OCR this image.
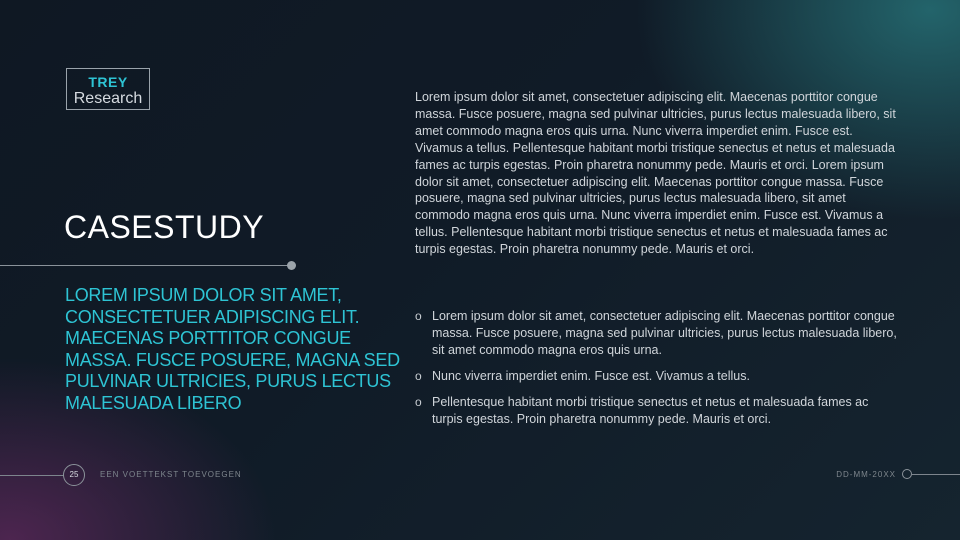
TREY
Research
CASESTUDY
LOREM IPSUM DOLOR SIT AMET, CONSECTETUER ADIPISCING ELIT. MAECENAS PORTTITOR CONGUE MASSA. FUSCE POSUERE, MAGNA SED PULVINAR ULTRICIES, PURUS LECTUS MALESUADA LIBERO
Lorem ipsum dolor sit amet, consectetuer adipiscing elit. Maecenas porttitor congue massa. Fusce posuere, magna sed pulvinar ultricies, purus lectus malesuada libero, sit amet commodo magna eros quis urna. Nunc viverra imperdiet enim. Fusce est. Vivamus a tellus. Pellentesque habitant morbi tristique senectus et netus et malesuada fames ac turpis egestas. Proin pharetra nonummy pede. Mauris et orci. Lorem ipsum dolor sit amet, consectetuer adipiscing elit. Maecenas porttitor congue massa. Fusce posuere, magna sed pulvinar ultricies, purus lectus malesuada libero, sit amet commodo magna eros quis urna. Nunc viverra imperdiet enim. Fusce est. Vivamus a tellus. Pellentesque habitant morbi tristique senectus et netus et malesuada fames ac turpis egestas. Proin pharetra nonummy pede. Mauris et orci.
o Lorem ipsum dolor sit amet, consectetuer adipiscing elit. Maecenas porttitor congue massa. Fusce posuere, magna sed pulvinar ultricies, purus lectus malesuada libero, sit amet commodo magna eros quis urna.
o Nunc viverra imperdiet enim. Fusce est. Vivamus a tellus.
o Pellentesque habitant morbi tristique senectus et netus et malesuada fames ac turpis egestas. Proin pharetra nonummy pede. Mauris et orci.
25	EEN VOETTEKST TOEVOEGEN	DD-MM-20XX
